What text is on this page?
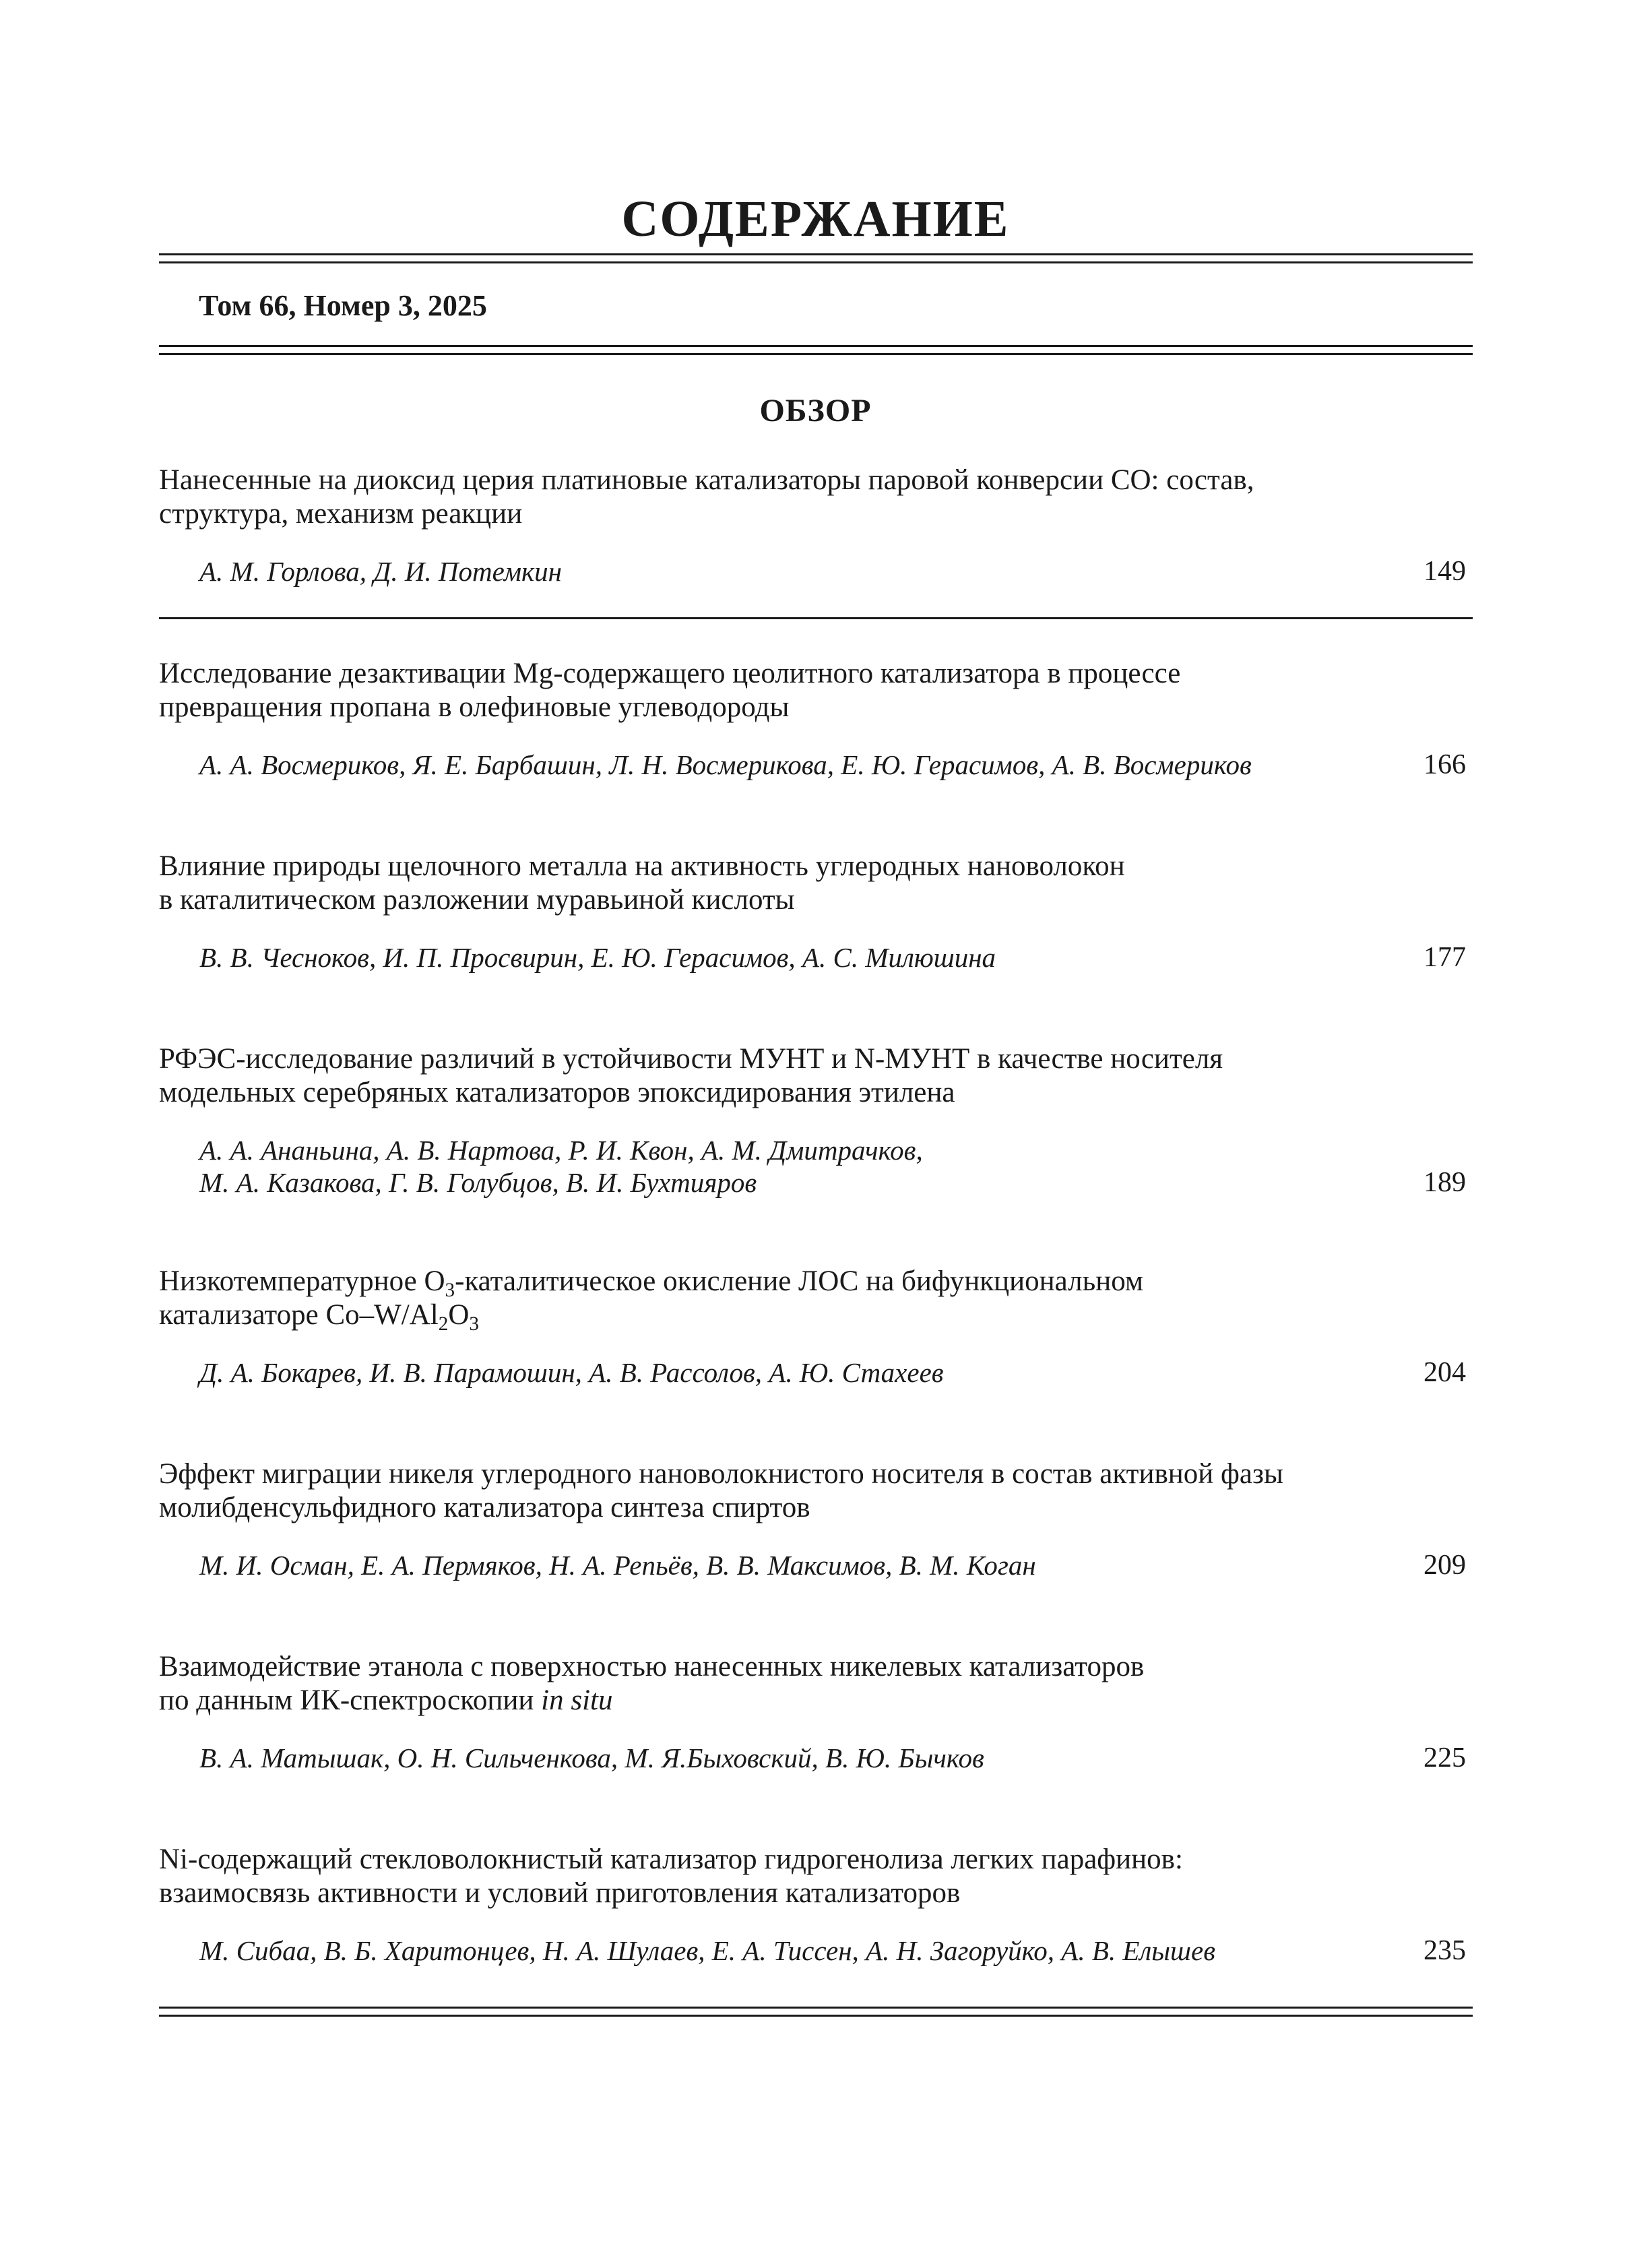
СОДЕРЖАНИЕ
Том 66, Номер 3, 2025
ОБЗОР
Нанесенные на диоксид церия платиновые катализаторы паровой конверсии CO: состав,
структура, механизм реакции
А. М. Горлова, Д. И. Потемкин	149
Исследование дезактивации Mg-содержащего цеолитного катализатора в процессе
превращения пропана в олефиновые углеводороды
А. А. Восмериков, Я. Е. Барбашин, Л. Н. Восмерикова, Е. Ю. Герасимов, А. В. Восмериков	166
Влияние природы щелочного металла на активность углеродных нановолокон
в каталитическом разложении муравьиной кислоты
В. В. Чесноков, И. П. Просвирин, Е. Ю. Герасимов, А. С. Милюшина	177
РФЭС-исследование различий в устойчивости МУНТ и N-МУНТ в качестве носителя
модельных серебряных катализаторов эпоксидирования этилена
А. А. Ананьина, А. В. Нартова, Р. И. Квон, А. М. Дмитрачков,
М. А. Казакова, Г. В. Голубцов, В. И. Бухтияров	189
Низкотемпературное $O_3$-каталитическое окисление ЛОС на бифункциональном
катализаторе $Co-W/Al_2O_3$
Д. А. Бокарев, И. В. Парамошин, А. В. Рассолов, А. Ю. Стахеев	204
Эффект миграции никеля углеродного нановолокнистого носителя в состав активной фазы
молибденсульфидного катализатора синтеза спиртов
М. И. Осман, Е. А. Пермяков, Н. А. Репьёв, В. В. Максимов, В. М. Коган	209
Взаимодействие этанола с поверхностью нанесенных никелевых катализаторов
по данным ИК-спектроскопии in situ
В. А. Матышак, О. Н. Сильченкова, М. Я.Быховский, В. Ю. Бычков	225
Ni-содержащий стекловолокнистый катализатор гидрогенолиза легких парафинов:
взаимосвязь активности и условий приготовления катализаторов
М. Сибаа, В. Б. Харитонцев, Н. А. Шулаев, Е. А. Тиссен, А. Н. Загоруйко, А. В. Елышев	235
